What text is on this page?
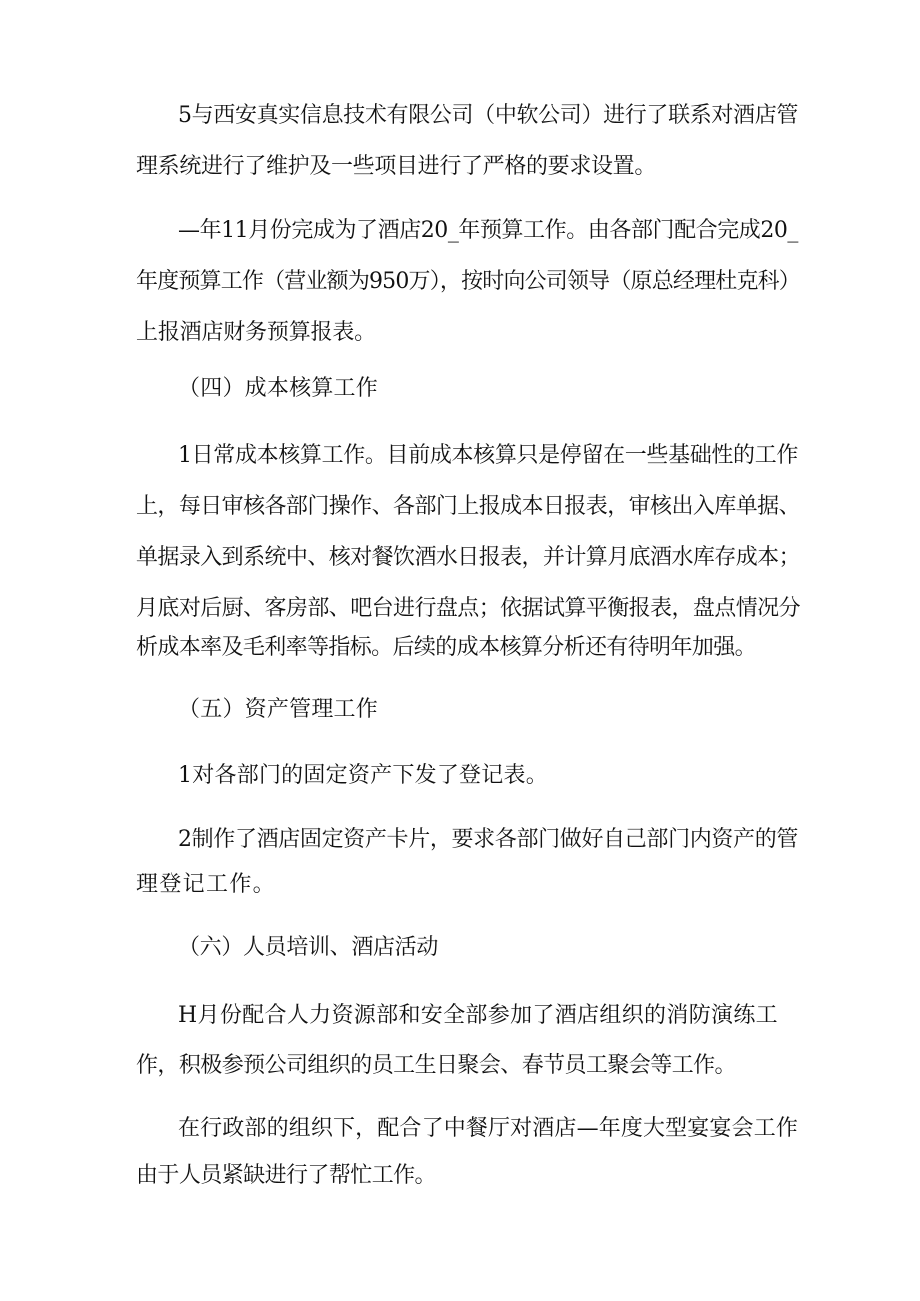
5与西安真实信息技术有限公司（中软公司）进行了联系对酒店管
理系统进行了维护及一些项目进行了严格的要求设置。
—年11月份完成为了酒店20_年预算工作。由各部门配合完成20_
年度预算工作（营业额为950万），按时向公司领导（原总经理杜克科）
上报酒店财务预算报表。
（四）成本核算工作
1日常成本核算工作。目前成本核算只是停留在一些基础性的工作
上，每日审核各部门操作、各部门上报成本日报表，审核出入库单据、
单据录入到系统中、核对餐饮酒水日报表，并计算月底酒水库存成本；
月底对后厨、客房部、吧台进行盘点；依据试算平衡报表，盘点情况分
析成本率及毛利率等指标。后续的成本核算分析还有待明年加强。
（五）资产管理工作
1对各部门的固定资产下发了登记表。
2制作了酒店固定资产卡片，要求各部门做好自己部门内资产的管
理登记工作。
（六）人员培训、酒店活动
H月份配合人力资源部和安全部参加了酒店组织的消防演练工
作，积极参预公司组织的员工生日聚会、春节员工聚会等工作。
在行政部的组织下，配合了中餐厅对酒店—年度大型宴宴会工作
由于人员紧缺进行了帮忙工作。
